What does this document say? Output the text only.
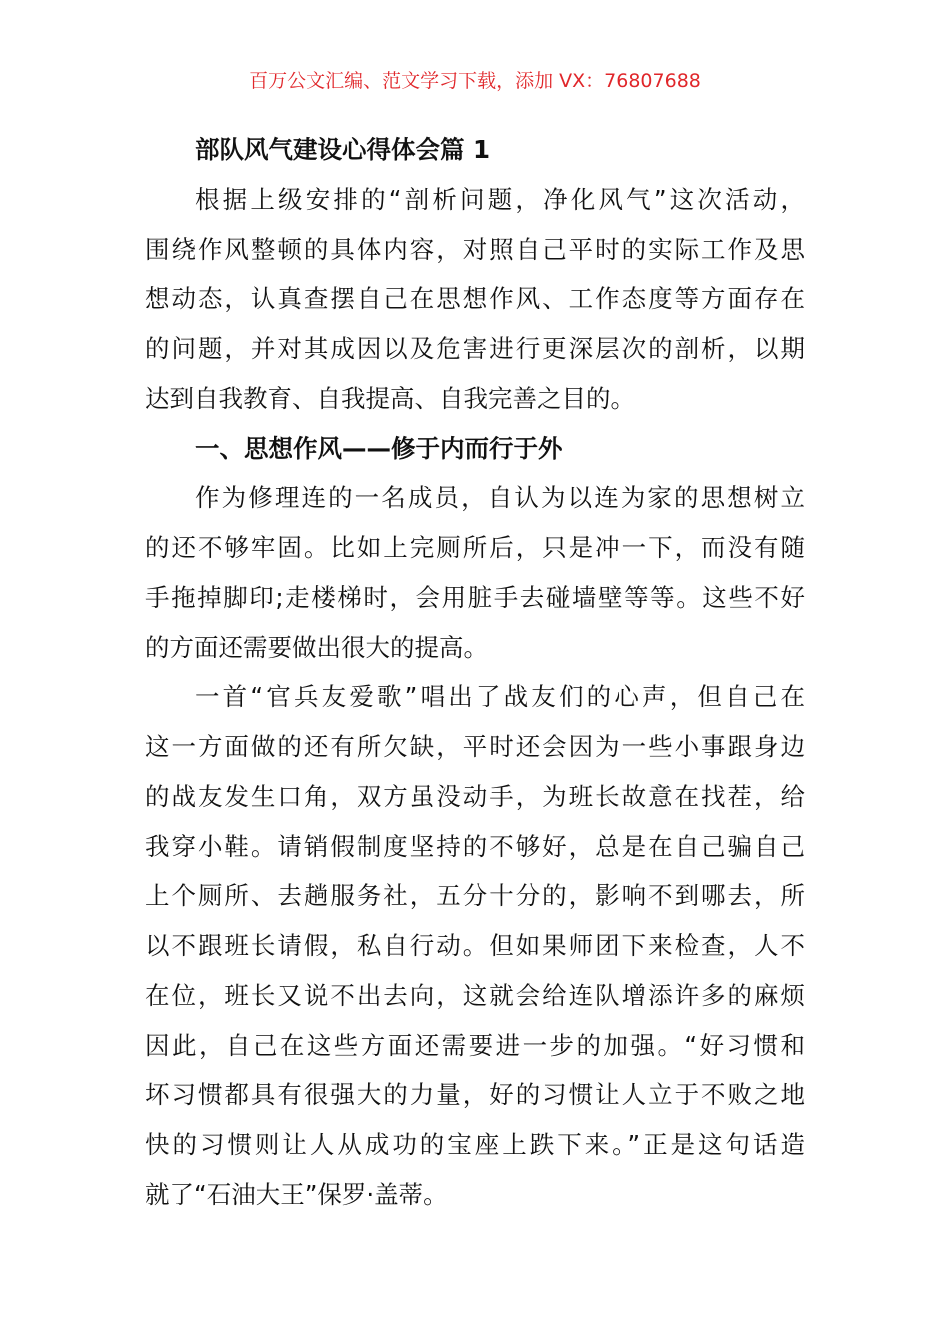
百万公文汇编、范文学习下载，添加 VX：76807688
部队风气建设心得体会篇 1
根据上级安排的“剖析问题，净化风气”这次活动，
围绕作风整顿的具体内容，对照自己平时的实际工作及思
想动态，认真查摆自己在思想作风、工作态度等方面存在
的问题，并对其成因以及危害进行更深层次的剖析，以期
达到自我教育、自我提高、自我完善之目的。
一、思想作风——修于内而行于外
作为修理连的一名成员，自认为以连为家的思想树立
的还不够牢固。比如上完厕所后，只是冲一下，而没有随
手拖掉脚印;走楼梯时，会用脏手去碰墙壁等等。这些不好
的方面还需要做出很大的提高。
一首“官兵友爱歌”唱出了战友们的心声，但自己在
这一方面做的还有所欠缺，平时还会因为一些小事跟身边
的战友发生口角，双方虽没动手，为班长故意在找茬，给
我穿小鞋。请销假制度坚持的不够好，总是在自己骗自己
上个厕所、去趟服务社，五分十分的，影响不到哪去，所
以不跟班长请假，私自行动。但如果师团下来检查，人不
在位，班长又说不出去向，这就会给连队增添许多的麻烦
因此，自己在这些方面还需要进一步的加强。“好习惯和
坏习惯都具有很强大的力量，好的习惯让人立于不败之地
快的习惯则让人从成功的宝座上跌下来。”正是这句话造
就了“石油大王”保罗·盖蒂。
